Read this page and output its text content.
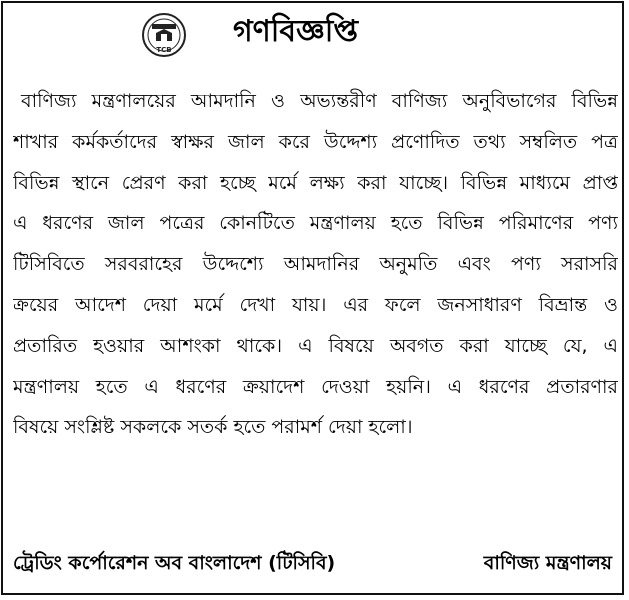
TCB
গণবিজ্ঞপ্তি
বাণিজ্য মন্ত্রণালয়ের আমদানি ও অভ্যন্তরীণ বাণিজ্য অনুবিভাগের বিভিন্ন
শাখার কর্মকর্তাদের স্বাক্ষর জাল করে উদ্দেশ্য প্রণোদিত তথ্য সম্বলিত পত্র
বিভিন্ন স্থানে প্রেরণ করা হচ্ছে মর্মে লক্ষ্য করা যাচ্ছে। বিভিন্ন মাধ্যমে প্রাপ্ত
এ ধরণের জাল পত্রের কোনটিতে মন্ত্রণালয় হতে বিভিন্ন পরিমাণের পণ্য
টিসিবিতে সরবরাহের উদ্দেশ্যে আমদানির অনুমতি এবং পণ্য সরাসরি
ক্রয়ের আদেশ দেয়া মর্মে দেখা যায়। এর ফলে জনসাধারণ বিভ্রান্ত ও
প্রতারিত হওয়ার আশংকা থাকে। এ বিষয়ে অবগত করা যাচ্ছে যে, এ
মন্ত্রণালয় হতে এ ধরণের ক্রয়াদেশ দেওয়া হয়নি। এ ধরণের প্রতারণার
বিষয়ে সংশ্লিষ্ট সকলকে সতর্ক হতে পরামর্শ দেয়া হলো।
ট্রেডিং কর্পোরেশন অব বাংলাদেশ (টিসিবি)	বাণিজ্য মন্ত্রণালয়
